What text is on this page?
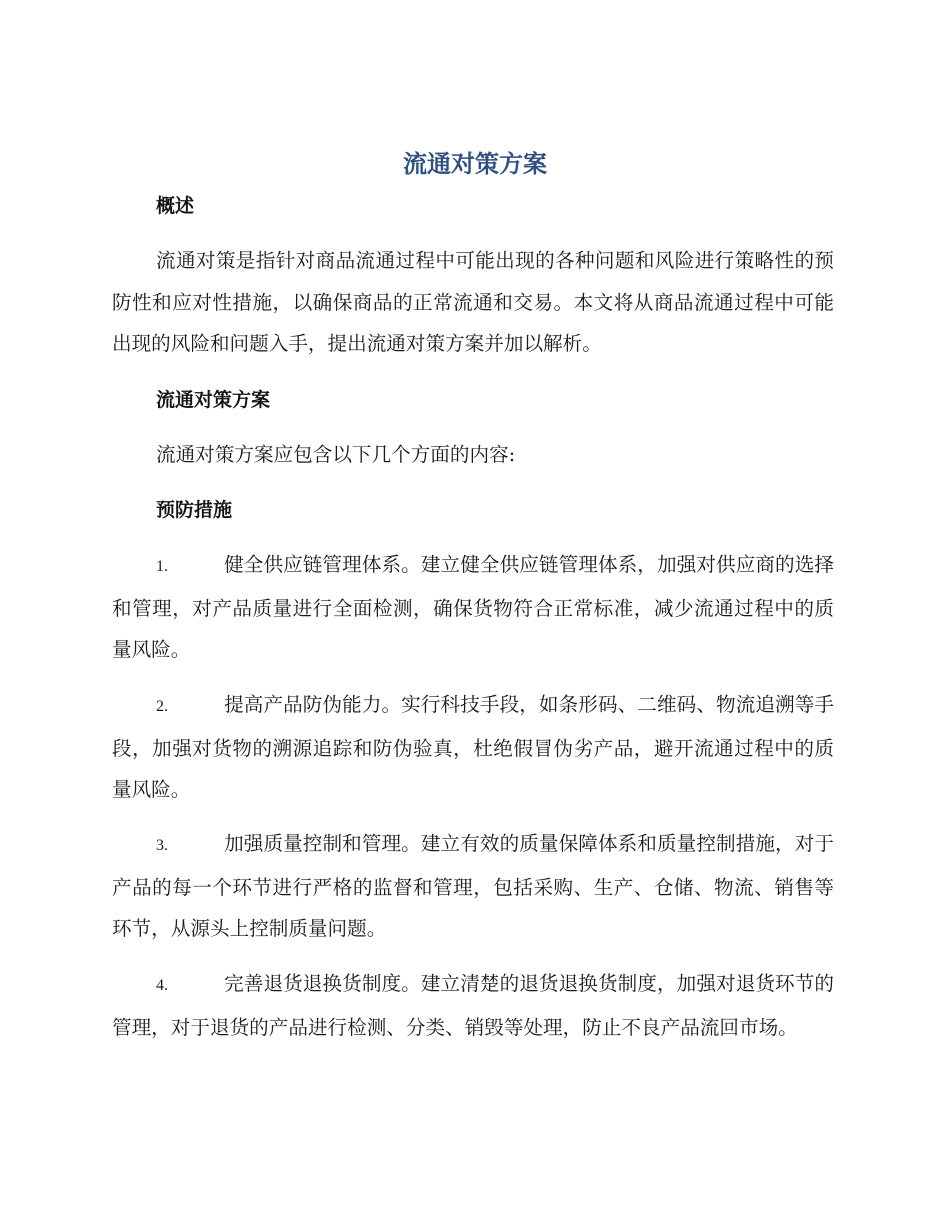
流通对策方案
概述

流通对策是指针对商品流通过程中可能出现的各种问题和风险进行策略性的预防性和应对性措施，以确保商品的正常流通和交易。本文将从商品流通过程中可能出现的风险和问题入手，提出流通对策方案并加以解析。

流通对策方案

流通对策方案应包含以下几个方面的内容:

预防措施
1.	健全供应链管理体系。建立健全供应链管理体系，加强对供应商的选择和管理，对产品质量进行全面检测，确保货物符合正常标准，减少流通过程中的质量风险。
2.	提高产品防伪能力。实行科技手段，如条形码、二维码、物流追溯等手段，加强对货物的溯源追踪和防伪验真，杜绝假冒伪劣产品，避开流通过程中的质量风险。
3.	加强质量控制和管理。建立有效的质量保障体系和质量控制措施，对于产品的每一个环节进行严格的监督和管理，包括采购、生产、仓储、物流、销售等环节，从源头上控制质量问题。
4.	完善退货退换货制度。建立清楚的退货退换货制度，加强对退货环节的管理，对于退货的产品进行检测、分类、销毁等处理，防止不良产品流回市场。
